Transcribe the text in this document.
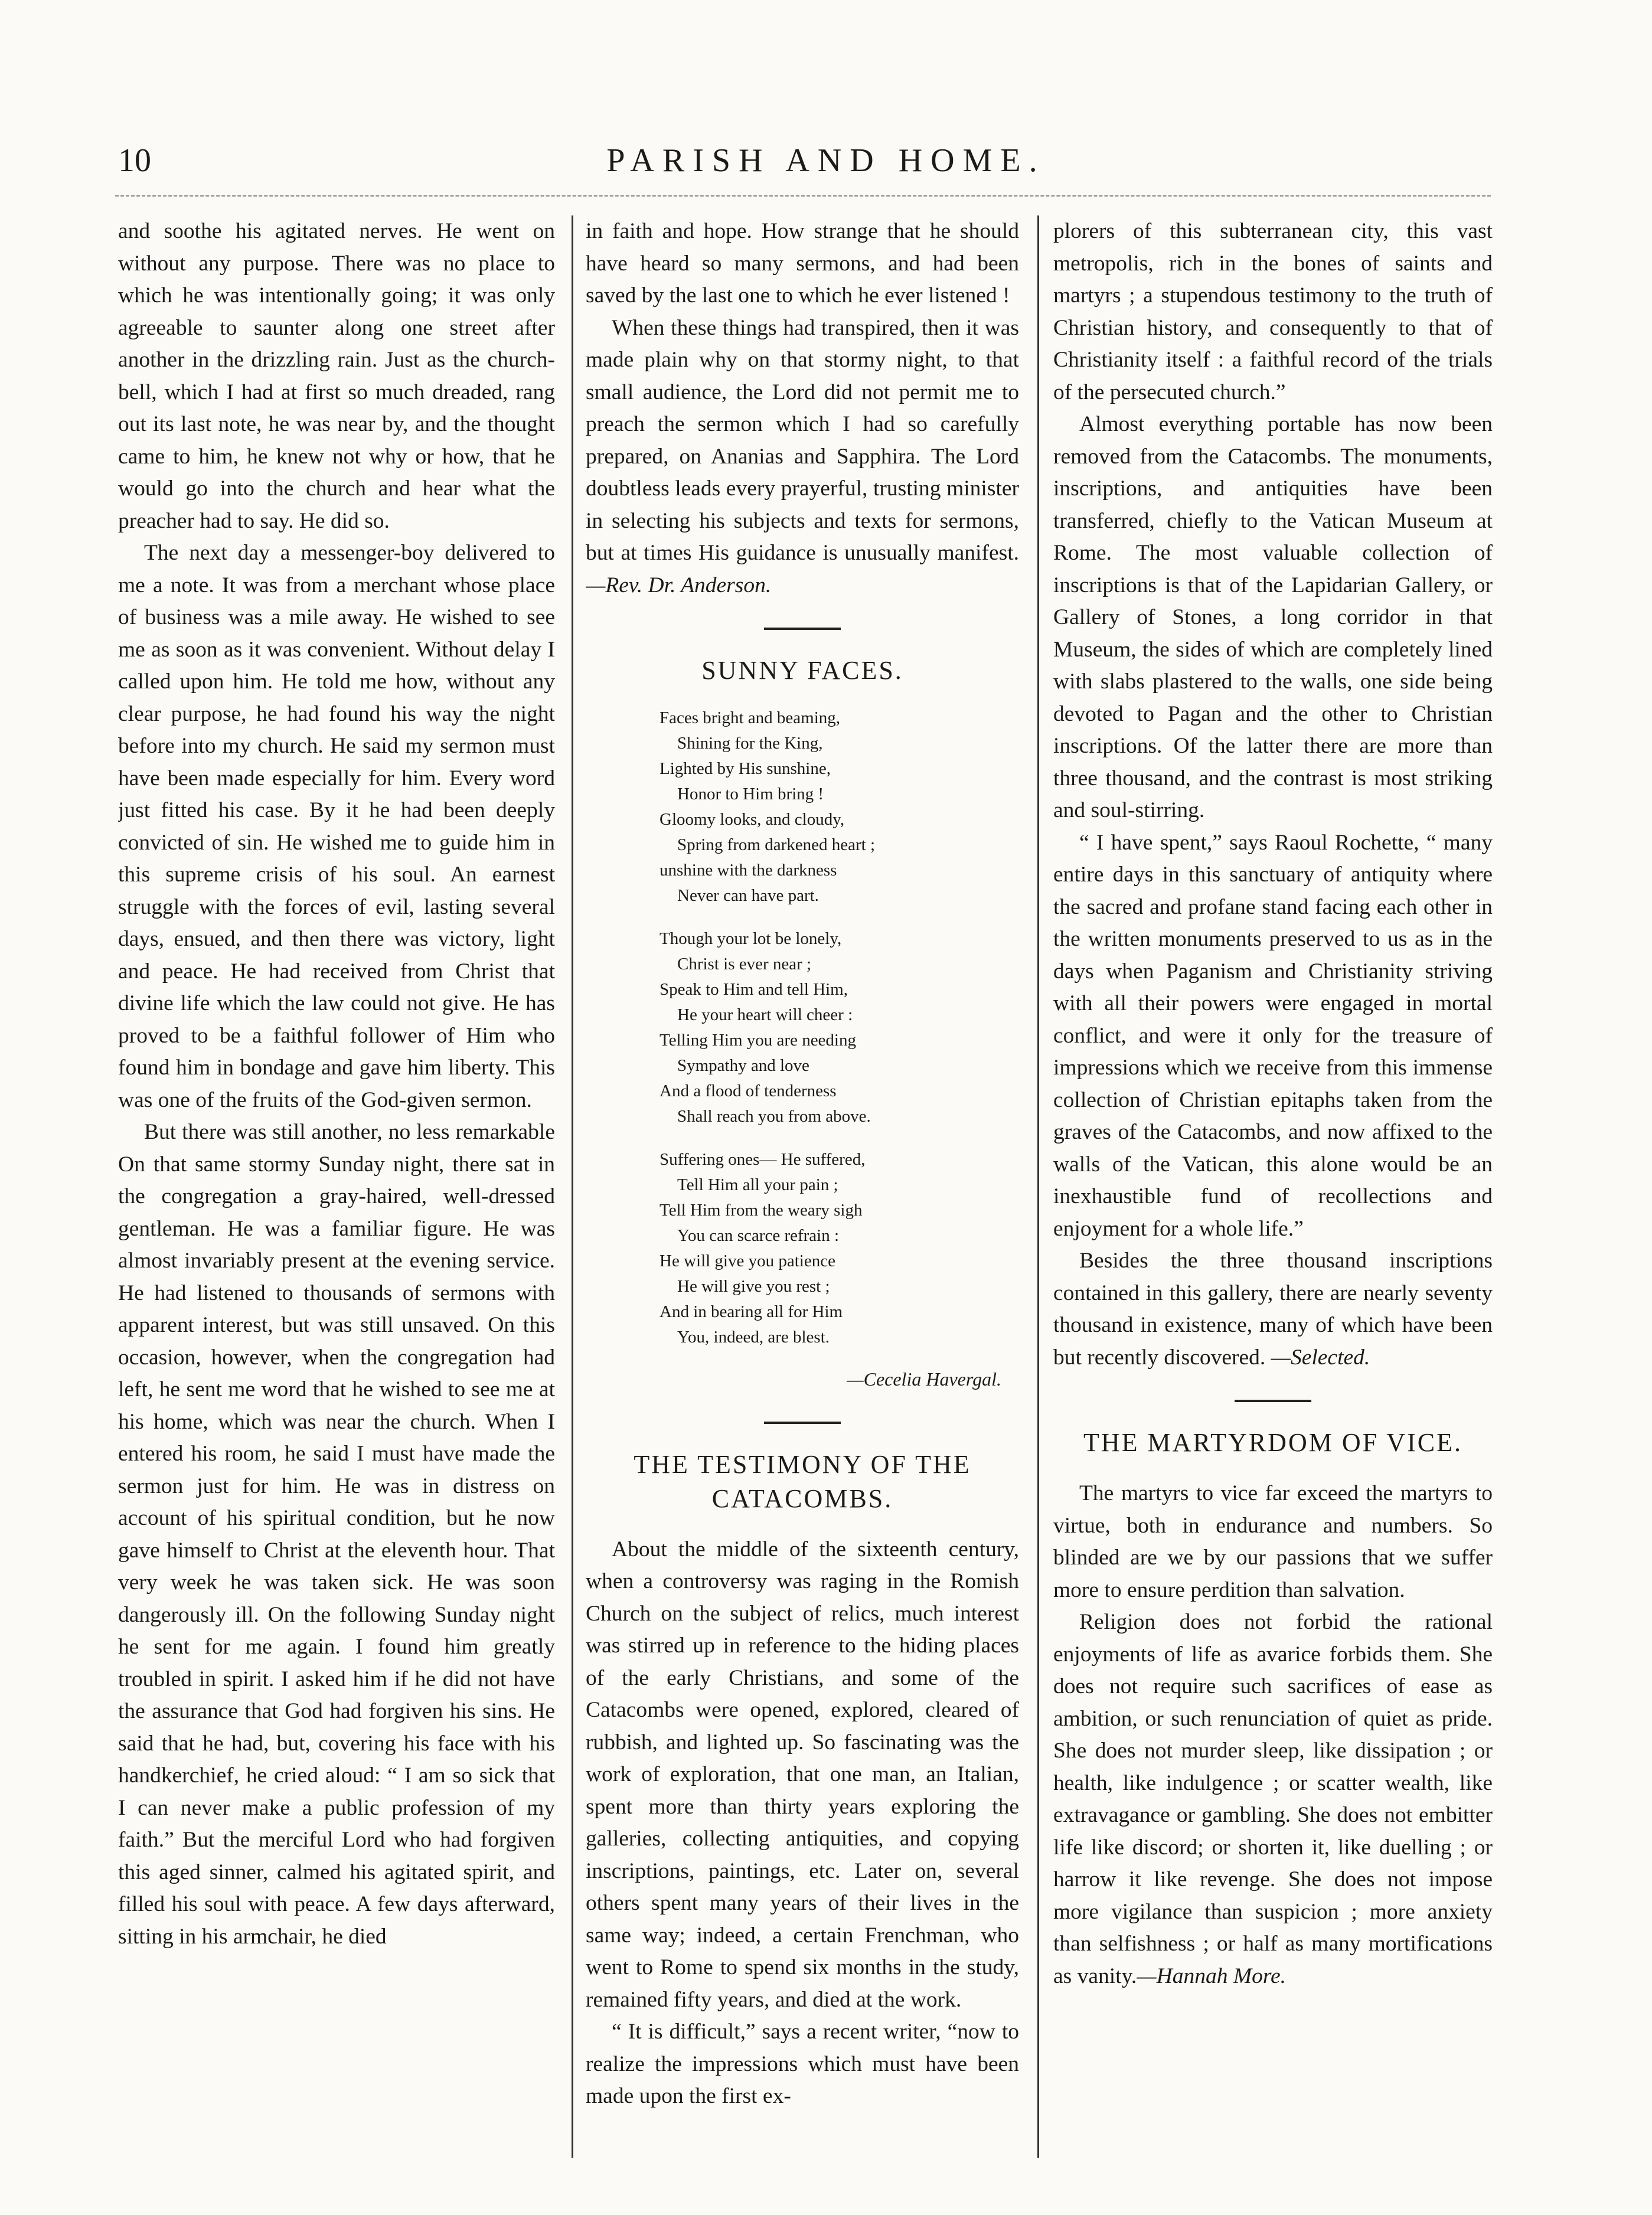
10	PARISH AND HOME.

and soothe his agitated nerves. He went on without any purpose. There was no place to which he was intentionally going; it was only agreeable to saunter along one street after another in the drizzling rain. Just as the church-bell, which I had at first so much dreaded, rang out its last note, he was near by, and the thought came to him, he knew not why or how, that he would go into the church and hear what the preacher had to say. He did so.

The next day a messenger-boy delivered to me a note. It was from a merchant whose place of business was a mile away. He wished to see me as soon as it was convenient. Without delay I called upon him. He told me how, without any clear purpose, he had found his way the night before into my church. He said my sermon must have been made especially for him. Every word just fitted his case. By it he had been deeply convicted of sin. He wished me to guide him in this supreme crisis of his soul. An earnest struggle with the forces of evil, lasting several days, ensued, and then there was victory, light and peace. He had received from Christ that divine life which the law could not give. He has proved to be a faithful follower of Him who found him in bondage and gave him liberty. This was one of the fruits of the God-given sermon.

But there was still another, no less remarkable On that same stormy Sunday night, there sat in the congregation a gray-haired, well-dressed gentleman. He was a familiar figure. He was almost invariably present at the evening service. He had listened to thousands of sermons with apparent interest, but was still unsaved. On this occasion, however, when the congregation had left, he sent me word that he wished to see me at his home, which was near the church. When I entered his room, he said I must have made the sermon just for him. He was in distress on account of his spiritual condition, but he now gave himself to Christ at the eleventh hour. That very week he was taken sick. He was soon dangerously ill. On the following Sunday night he sent for me again. I found him greatly troubled in spirit. I asked him if he did not have the assurance that God had forgiven his sins. He said that he had, but, covering his face with his handkerchief, he cried aloud: “ I am so sick that I can never make a public profession of my faith.” But the merciful Lord who had forgiven this aged sinner, calmed his agitated spirit, and filled his soul with peace. A few days afterward, sitting in his armchair, he died

in faith and hope. How strange that he should have heard so many sermons, and had been saved by the last one to which he ever listened !

When these things had transpired, then it was made plain why on that stormy night, to that small audience, the Lord did not permit me to preach the sermon which I had so carefully prepared, on Ananias and Sapphira. The Lord doubtless leads every prayerful, trusting minister in selecting his subjects and texts for sermons, but at times His guidance is unusually manifest.—Rev. Dr. Anderson.

SUNNY FACES.
Faces bright and beaming,
Shining for the King,
Lighted by His sunshine,
Honor to Him bring !
Gloomy looks, and cloudy,
Spring from darkened heart ;
unshine with the darkness
Never can have part.
Though your lot be lonely,
Christ is ever near ;
Speak to Him and tell Him,
He your heart will cheer :
Telling Him you are needing
Sympathy and love
And a flood of tenderness
Shall reach you from above.
Suffering ones— He suffered,
Tell Him all your pain ;
Tell Him from the weary sigh
You can scarce refrain :
He will give you patience
He will give you rest ;
And in bearing all for Him
You, indeed, are blest.
—Cecelia Havergal.
THE TESTIMONY OF THE CATACOMBS.

About the middle of the sixteenth century, when a controversy was raging in the Romish Church on the subject of relics, much interest was stirred up in reference to the hiding places of the early Christians, and some of the Catacombs were opened, explored, cleared of rubbish, and lighted up. So fascinating was the work of exploration, that one man, an Italian, spent more than thirty years exploring the galleries, collecting antiquities, and copying inscriptions, paintings, etc. Later on, several others spent many years of their lives in the same way; indeed, a certain Frenchman, who went to Rome to spend six months in the study, remained fifty years, and died at the work.

“ It is difficult,” says a recent writer, “now to realize the impressions which must have been made upon the first ex-

plorers of this subterranean city, this vast metropolis, rich in the bones of saints and martyrs ; a stupendous testimony to the truth of Christian history, and consequently to that of Christianity itself : a faithful record of the trials of the persecuted church.”

Almost everything portable has now been removed from the Catacombs. The monuments, inscriptions, and antiquities have been transferred, chiefly to the Vatican Museum at Rome. The most valuable collection of inscriptions is that of the Lapidarian Gallery, or Gallery of Stones, a long corridor in that Museum, the sides of which are completely lined with slabs plastered to the walls, one side being devoted to Pagan and the other to Christian inscriptions. Of the latter there are more than three thousand, and the contrast is most striking and soul-stirring.

“ I have spent,” says Raoul Rochette, “ many entire days in this sanctuary of antiquity where the sacred and profane stand facing each other in the written monuments preserved to us as in the days when Paganism and Christianity striving with all their powers were engaged in mortal conflict, and were it only for the treasure of impressions which we receive from this immense collection of Christian epitaphs taken from the graves of the Catacombs, and now affixed to the walls of the Vatican, this alone would be an inexhaustible fund of recollections and enjoyment for a whole life.”

Besides the three thousand inscriptions contained in this gallery, there are nearly seventy thousand in existence, many of which have been but recently discovered. —Selected.

THE MARTYRDOM OF VICE.

The martyrs to vice far exceed the martyrs to virtue, both in endurance and numbers. So blinded are we by our passions that we suffer more to ensure perdition than salvation.

Religion does not forbid the rational enjoyments of life as avarice forbids them. She does not require such sacrifices of ease as ambition, or such renunciation of quiet as pride. She does not murder sleep, like dissipation ; or health, like indulgence ; or scatter wealth, like extravagance or gambling. She does not embitter life like discord; or shorten it, like duelling ; or harrow it like revenge. She does not impose more vigilance than suspicion ; more anxiety than selfishness ; or half as many mortifications as vanity.—Hannah More.
